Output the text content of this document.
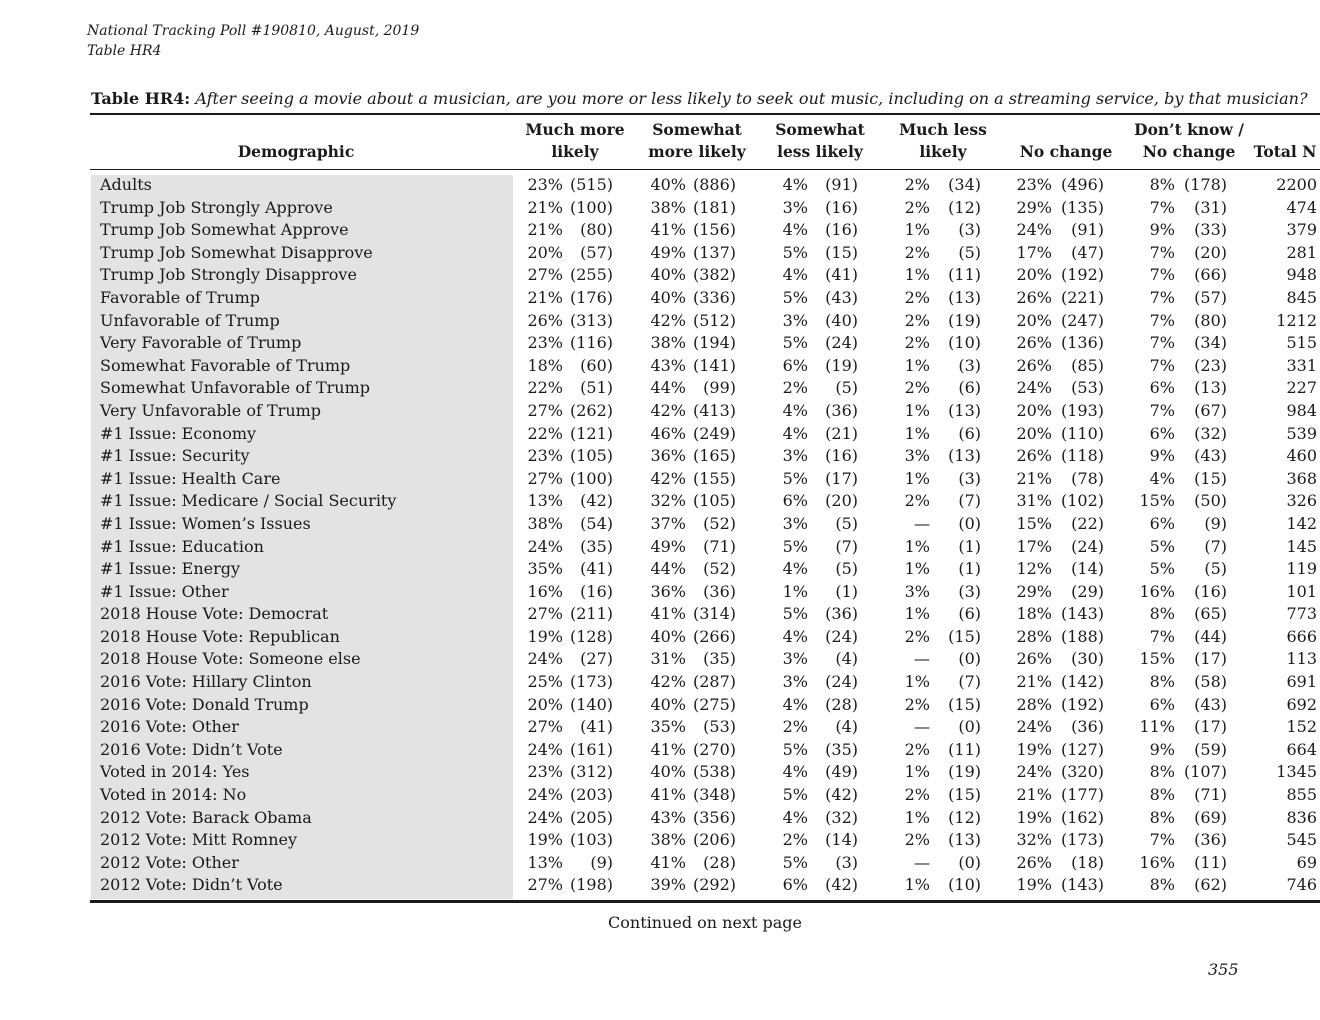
National Tracking Poll #190810, August, 2019
Table HR4
Table HR4: After seeing a movie about a musician, are you more or less likely to seek out music, including on a streaming service, by that musician?
Demographic
Much more
likely
Somewhat
more likely
Somewhat
less likely
Much less
likely	No change
Don’t know /
No change	Total N
Adults	23% (515) 40% (886)	4% (91)	2% (34) 23% (496)	8% (178)	2200
Trump Job Strongly Approve	21% (100) 38% (181)	3% (16)	2% (12) 29% (135)	7% (31)	474
Trump Job Somewhat Approve	21% (80) 41% (156)	4% (16)	1% (3) 24% (91)	9% (33)	379
Trump Job Somewhat Disapprove	20% (57) 49% (137)	5% (15)	2% (5) 17% (47)	7% (20)	281
Trump Job Strongly Disapprove	27% (255) 40% (382)	4% (41)	1% (11) 20% (192)	7% (66)	948
Favorable of Trump	21% (176) 40% (336)	5% (43)	2% (13) 26% (221)	7% (57)	845
Unfavorable of Trump	26% (313) 42% (512)	3% (40)	2% (19) 20% (247)	7% (80)	1212
Very Favorable of Trump	23% (116) 38% (194)	5% (24)	2% (10) 26% (136)	7% (34)	515
Somewhat Favorable of Trump	18% (60) 43% (141)	6% (19)	1% (3) 26% (85)	7% (23)	331
Somewhat Unfavorable of Trump	22% (51) 44% (99)	2% (5)	2% (6) 24% (53)	6% (13)	227
Very Unfavorable of Trump	27% (262) 42% (413)	4% (36)	1% (13) 20% (193)	7% (67)	984
#1 Issue: Economy	22% (121) 46% (249)	4% (21)	1% (6) 20% (110)	6% (32)	539
#1 Issue: Security	23% (105) 36% (165)	3% (16)	3% (13) 26% (118)	9% (43)	460
#1 Issue: Health Care	27% (100) 42% (155)	5% (17)	1% (3) 21% (78)	4% (15)	368
#1 Issue: Medicare / Social Security	13% (42) 32% (105)	6% (20)	2% (7) 31% (102) 15% (50)	326
#1 Issue: Women’s Issues	38% (54) 37% (52)	3% (5)	— (0) 15% (22)	6% (9)	142
#1 Issue: Education	24% (35) 49% (71)	5% (7)	1% (1) 17% (24)	5% (7)	145
#1 Issue: Energy	35% (41) 44% (52)	4% (5)	1% (1) 12% (14)	5% (5)	119
#1 Issue: Other	16% (16) 36% (36)	1% (1)	3% (3) 29% (29) 16% (16)	101
2018 House Vote: Democrat	27% (211) 41% (314)	5% (36)	1% (6) 18% (143)	8% (65)	773
2018 House Vote: Republican	19% (128) 40% (266)	4% (24)	2% (15) 28% (188)	7% (44)	666
2018 House Vote: Someone else	24% (27) 31% (35)	3% (4)	— (0) 26% (30) 15% (17)	113
2016 Vote: Hillary Clinton	25% (173) 42% (287)	3% (24)	1% (7) 21% (142)	8% (58)	691
2016 Vote: Donald Trump	20% (140) 40% (275)	4% (28)	2% (15) 28% (192)	6% (43)	692
2016 Vote: Other	27% (41) 35% (53)	2% (4)	— (0) 24% (36) 11% (17)	152
2016 Vote: Didn’t Vote	24% (161) 41% (270)	5% (35)	2% (11) 19% (127)	9% (59)	664
Voted in 2014: Yes	23% (312) 40% (538)	4% (49)	1% (19) 24% (320)	8% (107)	1345
Voted in 2014: No	24% (203) 41% (348)	5% (42)	2% (15) 21% (177)	8% (71)	855
2012 Vote: Barack Obama	24% (205) 43% (356)	4% (32)	1% (12) 19% (162)	8% (69)	836
2012 Vote: Mitt Romney	19% (103) 38% (206)	2% (14)	2% (13) 32% (173)	7% (36)	545
2012 Vote: Other	13% (9) 41% (28)	5% (3)	— (0) 26% (18) 16% (11)	69
2012 Vote: Didn’t Vote	27% (198) 39% (292)	6% (42)	1% (10) 19% (143)	8% (62)	746
Continued on next page
355
